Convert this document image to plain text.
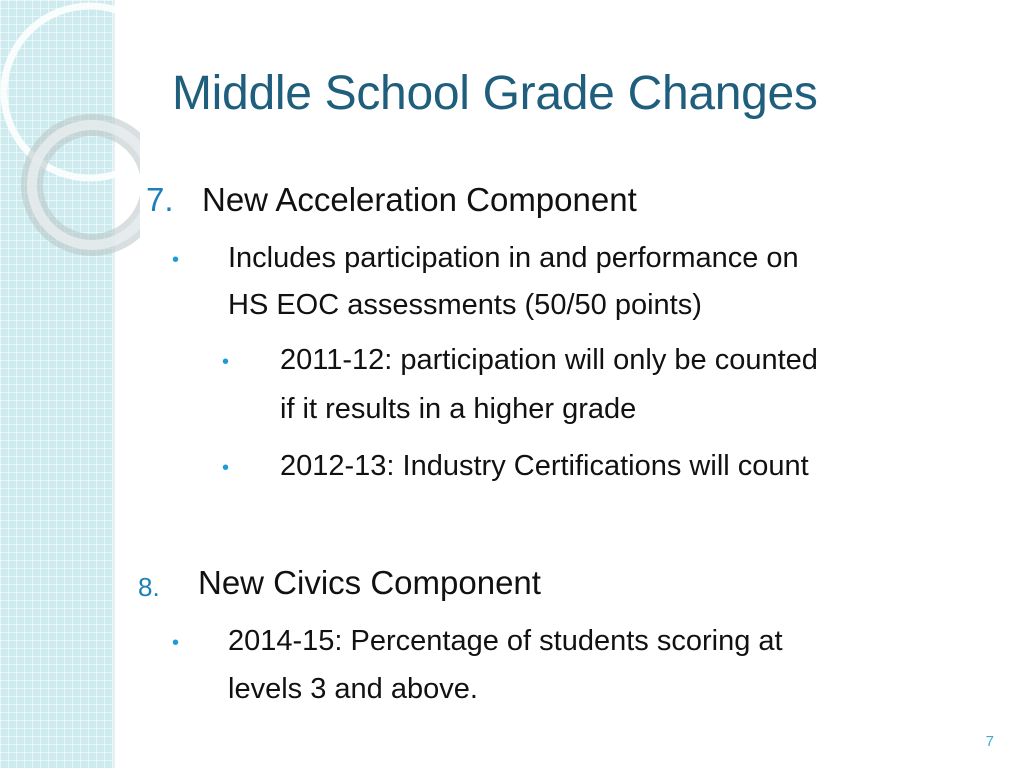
Middle School Grade Changes
7. New Acceleration Component
• Includes participation in and performance on
HS EOC assessments (50/50 points)
• 2011-12: participation will only be counted
if it results in a higher grade
• 2012-13: Industry Certifications will count
8. New Civics Component
• 2014-15: Percentage of students scoring at
levels 3 and above.
7
